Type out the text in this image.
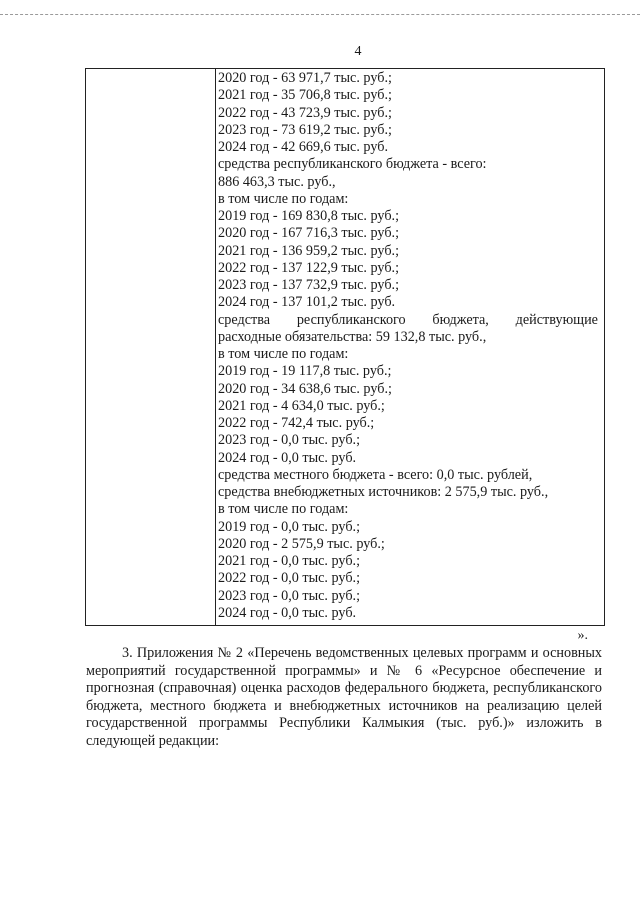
4
2020 год - 63 971,7 тыс. руб.;
2021 год - 35 706,8 тыс. руб.;
2022 год - 43 723,9 тыс. руб.;
2023 год - 73 619,2 тыс. руб.;
2024 год - 42 669,6 тыс. руб.
средства республиканского бюджета - всего:
886 463,3 тыс. руб.,
в том числе по годам:
2019 год - 169 830,8 тыс. руб.;
2020 год - 167 716,3 тыс. руб.;
2021 год - 136 959,2 тыс. руб.;
2022 год - 137 122,9 тыс. руб.;
2023 год - 137 732,9 тыс. руб.;
2024 год - 137 101,2 тыс. руб.
средства республиканского бюджета, действующие
расходные обязательства: 59 132,8 тыс. руб.,
в том числе по годам:
2019 год - 19 117,8 тыс. руб.;
2020 год - 34 638,6 тыс. руб.;
2021 год - 4 634,0 тыс. руб.;
2022 год - 742,4 тыс. руб.;
2023 год - 0,0 тыс. руб.;
2024 год - 0,0 тыс. руб.
средства местного бюджета - всего: 0,0 тыс. рублей,
средства внебюджетных источников: 2 575,9 тыс. руб.,
в том числе по годам:
2019 год - 0,0 тыс. руб.;
2020 год - 2 575,9 тыс. руб.;
2021 год - 0,0 тыс. руб.;
2022 год - 0,0 тыс. руб.;
2023 год - 0,0 тыс. руб.;
2024 год - 0,0 тыс. руб.
».

3. Приложения № 2 «Перечень ведомственных целевых программ и основных мероприятий государственной программы» и № 6 «Ресурсное обеспечение и прогнозная (справочная) оценка расходов федерального бюджета, республиканского бюджета, местного бюджета и внебюджетных источников на реализацию целей государственной программы Республики Калмыкия (тыс. руб.)» изложить в следующей редакции:
